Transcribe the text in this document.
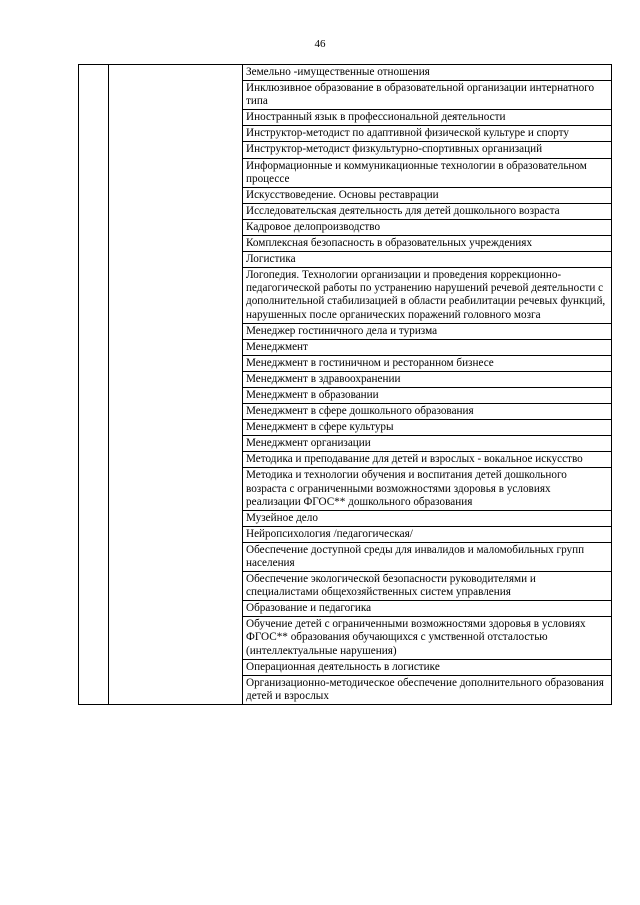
46
		Земельно -имущественные отношения
Инклюзивное образование в образовательной организации интернатного типа
Иностранный язык в профессиональной деятельности
Инструктор-методист по адаптивной физической культуре и спорту
Инструктор-методист физкультурно-спортивных организаций
Информационные и коммуникационные технологии в образовательном процессе
Искусствоведение. Основы реставрации
Исследовательская деятельность для детей дошкольного возраста
Кадровое делопроизводство
Комплексная безопасность в образовательных учреждениях
Логистика
Логопедия. Технологии организации и проведения коррекционно-педагогической работы по устранению нарушений речевой деятельности с дополнительной стабилизацией в области реабилитации речевых функций, нарушенных после органических поражений головного мозга
Менеджер гостиничного дела и туризма
Менеджмент
Менеджмент в гостиничном и ресторанном бизнесе
Менеджмент в здравоохранении
Менеджмент в образовании
Менеджмент в сфере дошкольного образования
Менеджмент в сфере культуры
Менеджмент организации
Методика и преподавание для детей и взрослых - вокальное искусство
Методика и технологии обучения и воспитания детей дошкольного возраста с ограниченными возможностями здоровья в условиях реализации ФГОС** дошкольного образования
Музейное дело
Нейропсихология /педагогическая/
Обеспечение доступной среды для инвалидов и маломобильных групп населения
Обеспечение экологической безопасности руководителями и специалистами общехозяйственных систем управления
Образование и педагогика
Обучение детей с ограниченными возможностями здоровья в условиях ФГОС** образования обучающихся с умственной отсталостью (интеллектуальные нарушения)
Операционная деятельность в логистике
Организационно-методическое обеспечение дополнительного образования детей и взрослых
